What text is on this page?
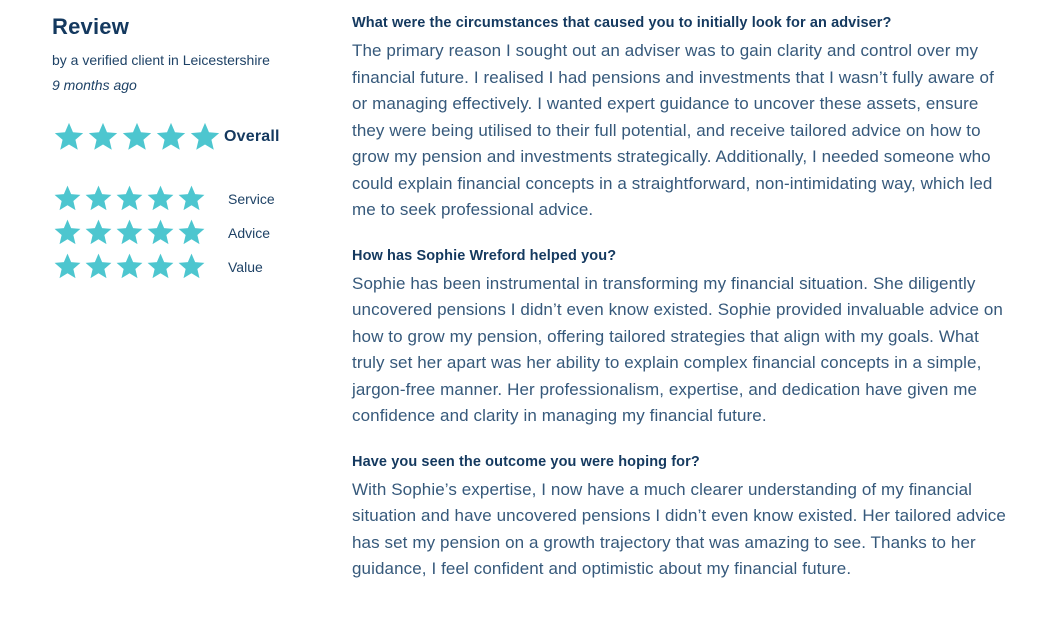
Review
by a verified client in Leicestershire
9 months ago
Overall
Service
Advice
Value
What were the circumstances that caused you to initially look for an adviser?

The primary reason I sought out an adviser was to gain clarity and control over my financial future. I realised I had pensions and investments that I wasn’t fully aware of or managing effectively. I wanted expert guidance to uncover these assets, ensure they were being utilised to their full potential, and receive tailored advice on how to grow my pension and investments strategically. Additionally, I needed someone who could explain financial concepts in a straightforward, non-intimidating way, which led me to seek professional advice.

How has Sophie Wreford helped you?

Sophie has been instrumental in transforming my financial situation. She diligently uncovered pensions I didn’t even know existed. Sophie provided invaluable advice on how to grow my pension, offering tailored strategies that align with my goals. What truly set her apart was her ability to explain complex financial concepts in a simple, jargon-free manner. Her professionalism, expertise, and dedication have given me confidence and clarity in managing my financial future.

Have you seen the outcome you were hoping for?

With Sophie’s expertise, I now have a much clearer understanding of my financial situation and have uncovered pensions I didn’t even know existed. Her tailored advice has set my pension on a growth trajectory that was amazing to see. Thanks to her guidance, I feel confident and optimistic about my financial future.
